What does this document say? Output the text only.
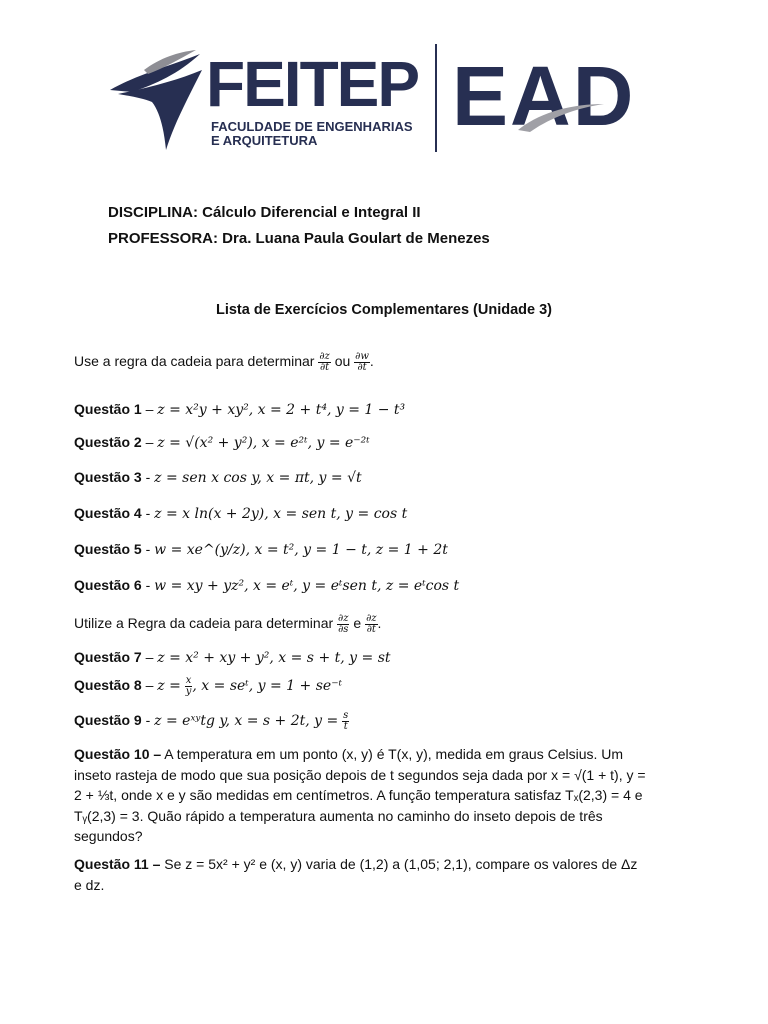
FEITEP
FACULDADE DE ENGENHARIAS
E ARQUITETURA	EAD
DISCIPLINA: Cálculo Diferencial e Integral II
PROFESSORA: Dra. Luana Paula Goulart de Menezes
Lista de Exercícios Complementares (Unidade 3)
Use a regra da cadeia para determinar $\frac{\partial z}{\partial t}$ ou $\frac{\partial w}{\partial t}$ .
Questão 1 – z = x²y + xy², x = 2 + t⁴, y = 1 − t³
Questão 2 – z = √(x² + y²), x = e²ᵗ, y = e⁻²ᵗ
Questão 3 - z = sen x cos y, x = πt, y = √t
Questão 4 - z = x ln(x + 2y), x = sen t, y = cos t
Questão 5 - w = xe^(y/z), x = t², y = 1 − t, z = 1 + 2t
Questão 6 - w = xy + yz², x = eᵗ, y = eᵗsen t, z = eᵗcos t
Utilize a Regra da cadeia para determinar $\frac{\partial z}{\partial s}$ e $\frac{\partial z}{\partial t}$ .
Questão 7 – z = x² + xy + y², x = s + t, y = st
Questão $8 - z = \frac{x}{y}$ , x = seᵗ, y = 1 + se⁻ᵗ
Questão 9 - z = eˣʸtg y, x = s + 2t, $y = \frac{s}{t}$
Questão 10 – A temperatura em um ponto (x, y) é T(x, y), medida em graus Celsius. Um
inseto rasteja de modo que sua posição depois de t segundos seja dada por x = √(1 + t), y =
2 + ⅓t, onde x e y são medidas em centímetros. A função temperatura satisfaz Tₓ(2,3) = 4 e
Tᵧ(2,3) = 3. Quão rápido a temperatura aumenta no caminho do inseto depois de três
segundos?
Questão 11 – Se z = 5x² + y² e (x, y) varia de (1,2) a (1,05; 2,1), compare os valores de Δz
e dz.
